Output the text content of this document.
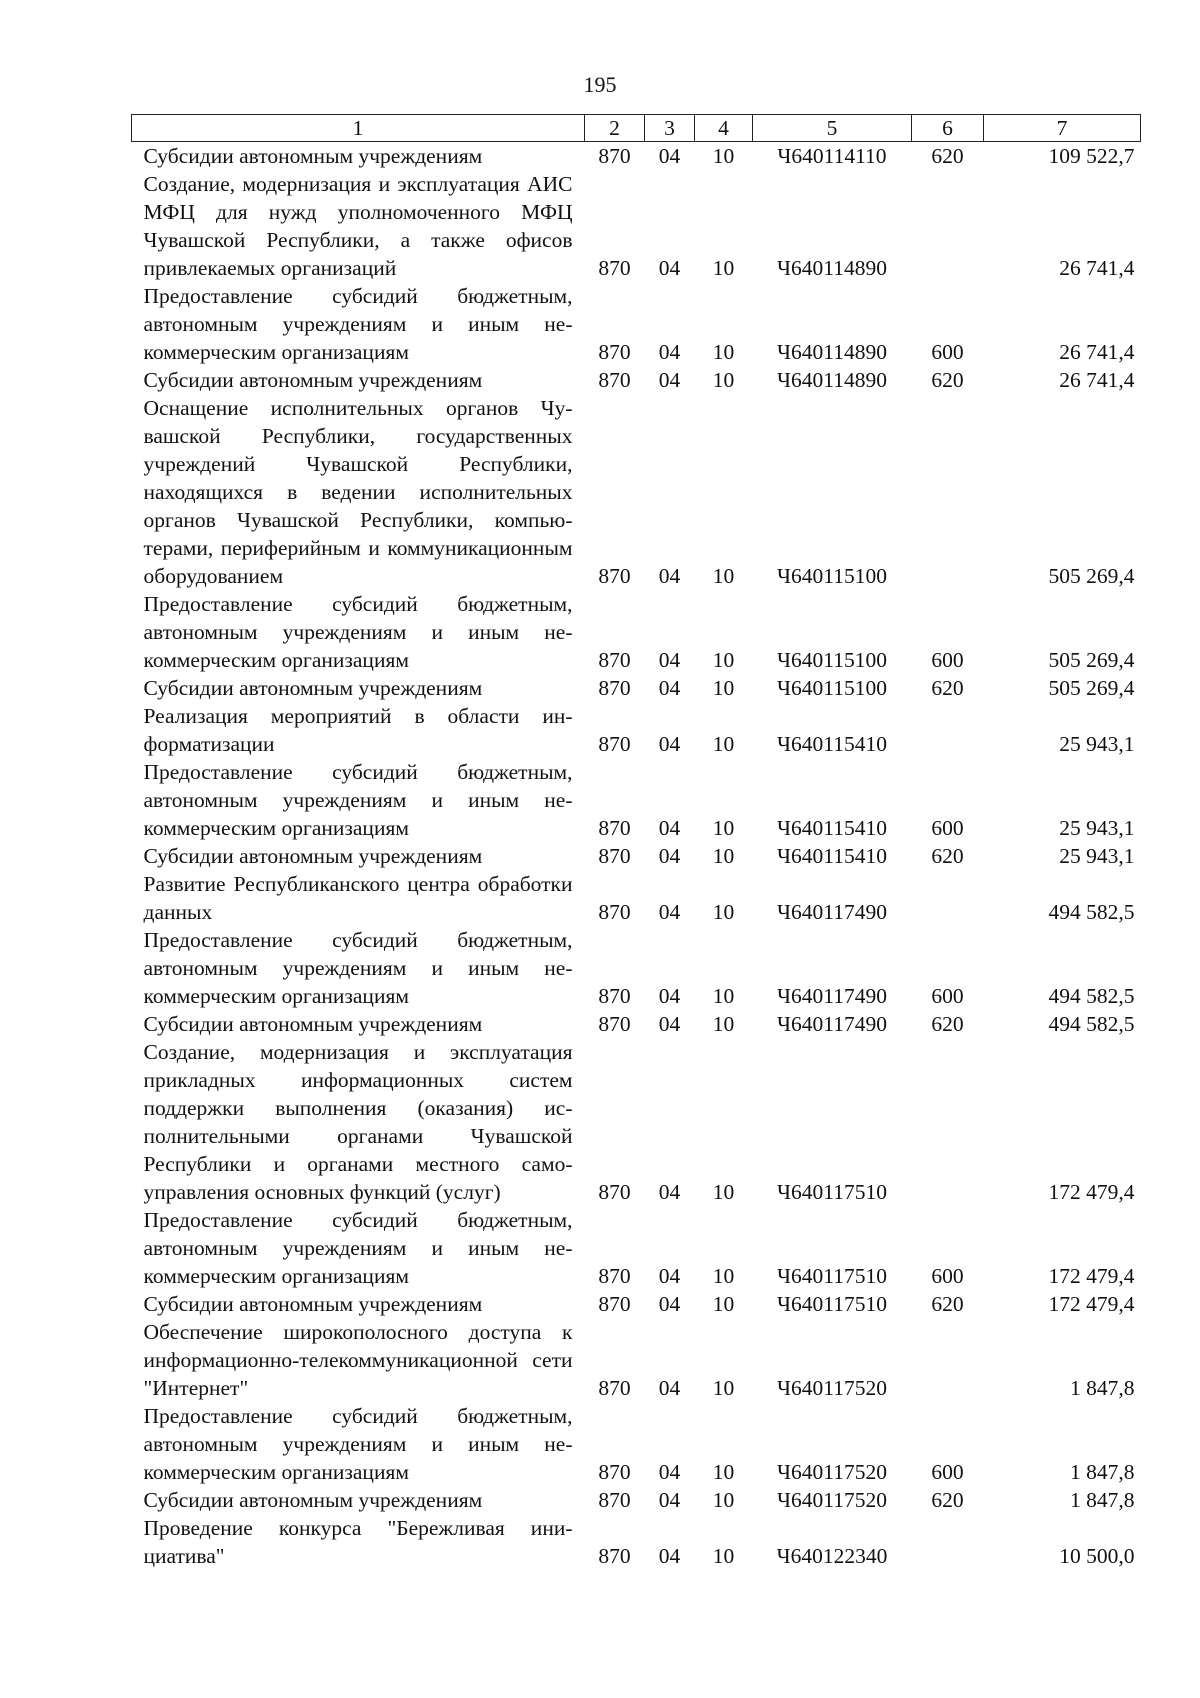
195
1	2	3	4	5	6	7
Субсидии автономным учреждениям	870	04	10	Ч640114110	620	109 522,7
Создание, модернизация и эксплуатация АИС МФЦ для нужд уполномоченного МФЦ Чувашской Республики, а также офисов привлекаемых организаций	870	04	10	Ч640114890		26 741,4
Предоставление субсидий бюджетным, автономным учреждениям и иным некоммерческим организациям	870	04	10	Ч640114890	600	26 741,4
Субсидии автономным учреждениям	870	04	10	Ч640114890	620	26 741,4
Оснащение исполнительных органов Чувашской Республики, государственных учреждений Чувашской Республики, находящихся в ведении исполнительных органов Чувашской Республики, компьютерами, периферийным и коммуникационным оборудованием	870	04	10	Ч640115100		505 269,4
Предоставление субсидий бюджетным, автономным учреждениям и иным некоммерческим организациям	870	04	10	Ч640115100	600	505 269,4
Субсидии автономным учреждениям	870	04	10	Ч640115100	620	505 269,4
Реализация мероприятий в области информатизации	870	04	10	Ч640115410		25 943,1
Предоставление субсидий бюджетным, автономным учреждениям и иным некоммерческим организациям	870	04	10	Ч640115410	600	25 943,1
Субсидии автономным учреждениям	870	04	10	Ч640115410	620	25 943,1
Развитие Республиканского центра обработки данных	870	04	10	Ч640117490		494 582,5
Предоставление субсидий бюджетным, автономным учреждениям и иным некоммерческим организациям	870	04	10	Ч640117490	600	494 582,5
Субсидии автономным учреждениям	870	04	10	Ч640117490	620	494 582,5
Создание, модернизация и эксплуатация прикладных информационных систем поддержки выполнения (оказания) исполнительными органами Чувашской Республики и органами местного самоуправления основных функций (услуг)	870	04	10	Ч640117510		172 479,4
Предоставление субсидий бюджетным, автономным учреждениям и иным некоммерческим организациям	870	04	10	Ч640117510	600	172 479,4
Субсидии автономным учреждениям	870	04	10	Ч640117510	620	172 479,4
Обеспечение широкополосного доступа к информационно-телекоммуникационной сети "Интернет"	870	04	10	Ч640117520		1 847,8
Предоставление субсидий бюджетным, автономным учреждениям и иным некоммерческим организациям	870	04	10	Ч640117520	600	1 847,8
Субсидии автономным учреждениям	870	04	10	Ч640117520	620	1 847,8
Проведение конкурса "Бережливая инициатива"	870	04	10	Ч640122340		10 500,0
